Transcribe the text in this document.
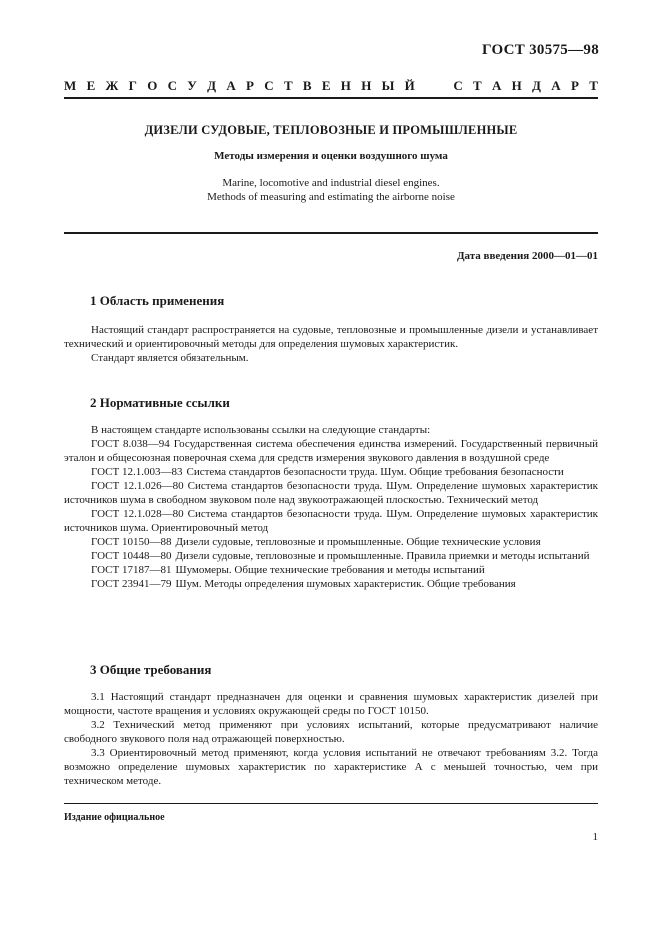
ГОСТ 30575—98
М Е Ж Г О С У Д А Р С Т В Е Н Н Ы Й	С Т А Н Д А Р Т
ДИЗЕЛИ СУДОВЫЕ, ТЕПЛОВОЗНЫЕ И ПРОМЫШЛЕННЫЕ
Методы измерения и оценки воздушного шума
Marine, locomotive and industrial diesel engines.
Methods of measuring and estimating the airborne noise
Дата введения 2000—01—01
1 Область применения

Настоящий стандарт распространяется на судовые, тепловозные и промышленные дизели и устанавливает технический и ориентировочный методы для определения шумовых характеристик.

Стандарт является обязательным.

2 Нормативные ссылки

В настоящем стандарте использованы ссылки на следующие стандарты:

ГОСТ 8.038—94 Государственная система обеспечения единства измерений. Государственный первичный эталон и общесоюзная поверочная схема для средств измерения звукового давления в воздушной среде

ГОСТ 12.1.003—83 Система стандартов безопасности труда. Шум. Общие требования безопасности

ГОСТ 12.1.026—80 Система стандартов безопасности труда. Шум. Определение шумовых характеристик источников шума в свободном звуковом поле над звукоотражающей плоскостью. Технический метод

ГОСТ 12.1.028—80 Система стандартов безопасности труда. Шум. Определение шумовых характеристик источников шума. Ориентировочный метод

ГОСТ 10150—88 Дизели судовые, тепловозные и промышленные. Общие технические условия

ГОСТ 10448—80 Дизели судовые, тепловозные и промышленные. Правила приемки и методы испытаний

ГОСТ 17187—81 Шумомеры. Общие технические требования и методы испытаний

ГОСТ 23941—79 Шум. Методы определения шумовых характеристик. Общие требования

3 Общие требования

3.1 Настоящий стандарт предназначен для оценки и сравнения шумовых характеристик дизелей при мощности, частоте вращения и условиях окружающей среды по ГОСТ 10150.

3.2 Технический метод применяют при условиях испытаний, которые предусматривают наличие свободного звукового поля над отражающей поверхностью.

3.3 Ориентировочный метод применяют, когда условия испытаний не отвечают требованиям 3.2. Тогда возможно определение шумовых характеристик по характеристике А с меньшей точностью, чем при техническом методе.

Издание официальное
1
